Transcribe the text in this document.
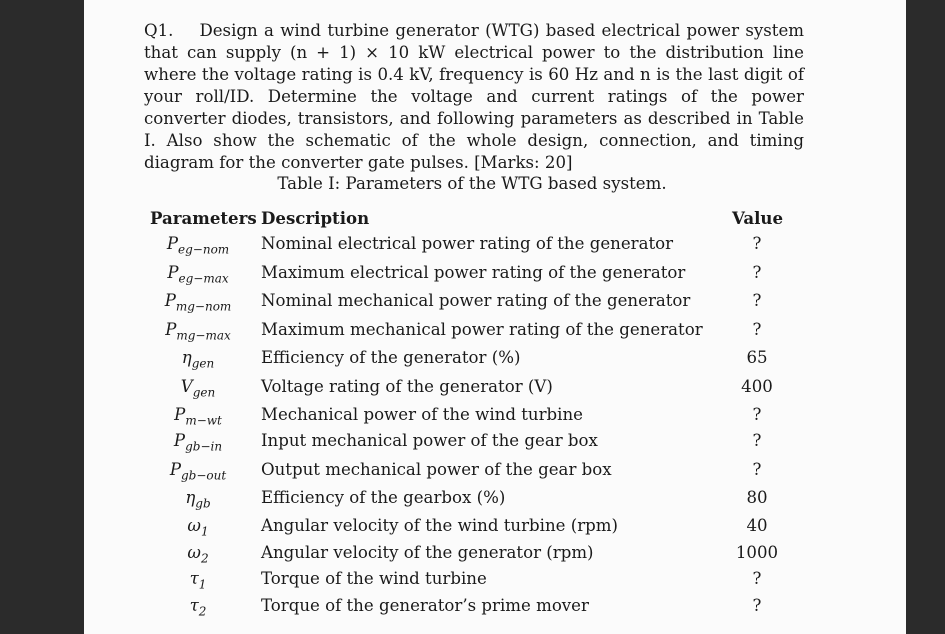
Q1. Design a wind turbine generator (WTG) based electrical power system that can supply (n + 1) × 10 kW electrical power to the distribution line where the voltage rating is 0.4 kV, frequency is 60 Hz and n is the last digit of your roll/ID. Determine the voltage and current ratings of the power converter diodes, transistors, and following parameters as described in Table I. Also show the schematic of the whole design, connection, and timing diagram for the converter gate pulses. [Marks: 20]
Table I: Parameters of the WTG based system.
Parameters Description	Value
$P_{eg-nom}$	Nominal electrical power rating of the generator	?
$P_{eg-max}$	Maximum electrical power rating of the generator	?
$P_{mg-nom}$	Nominal mechanical power rating of the generator	?
$P_{mg-max}$	Maximum mechanical power rating of the generator	?
$\eta_{gen}$	Efficiency of the generator (%)	65
$V_{gen}$	Voltage rating of the generator (V)	400
$P_{m-wt}$	Mechanical power of the wind turbine	?
$P_{gb-in}$	Input mechanical power of the gear box	?
$P_{gb-out}$	Output mechanical power of the gear box	?
$\eta_{gb}$	Efficiency of the gearbox (%)	80
$\omega_1$	Angular velocity of the wind turbine (rpm)	40
$\omega_2$	Angular velocity of the generator (rpm)	1000
$\tau_1$	Torque of the wind turbine	?
$\tau_2$	Torque of the generator’s prime mover	?
